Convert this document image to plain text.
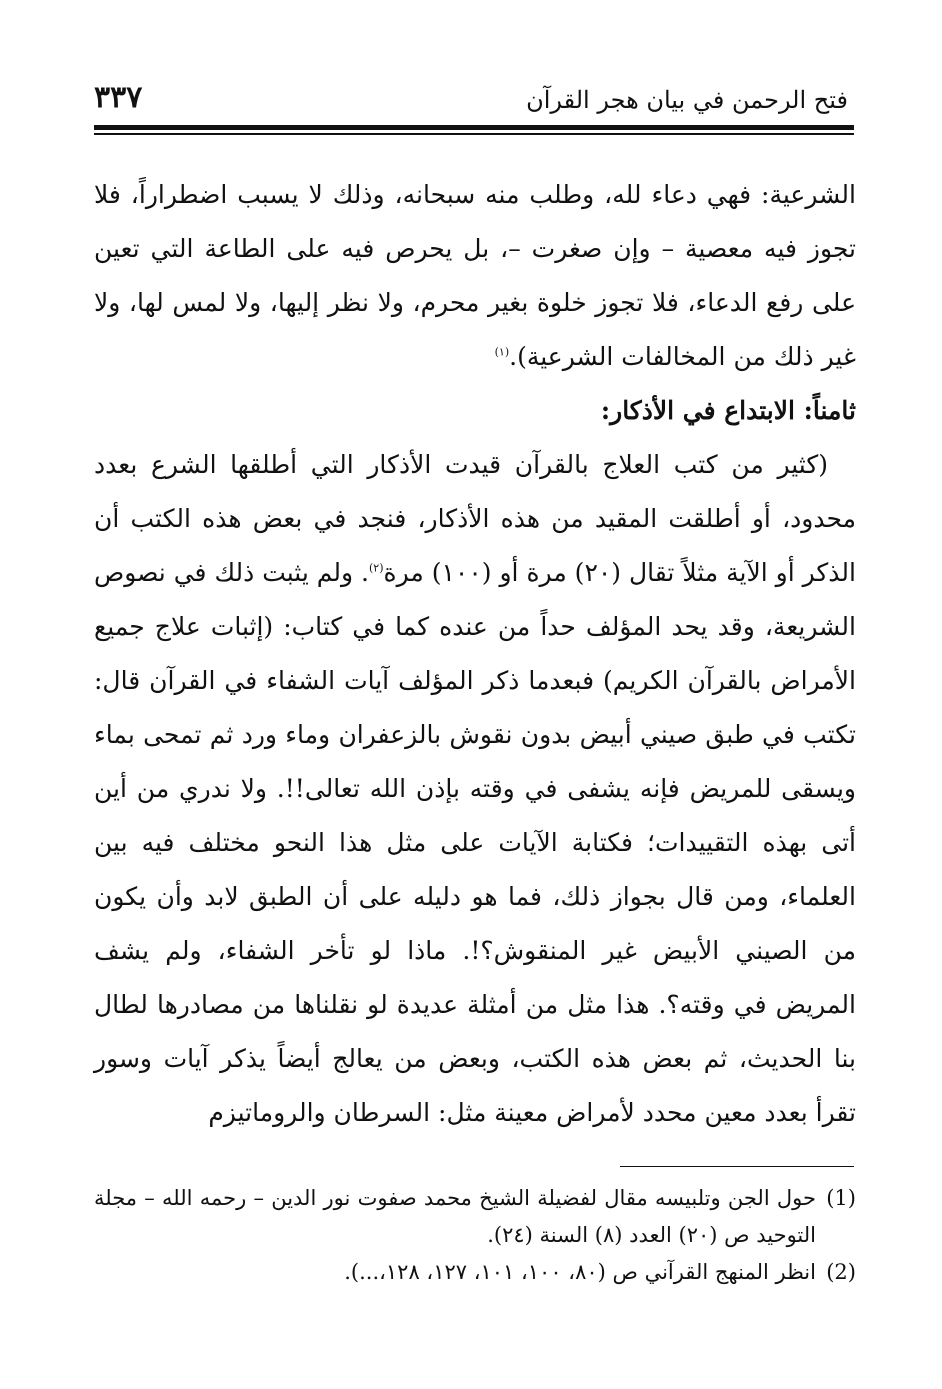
فتح الرحمن في بيان هجر القرآن
٣٣٧

الشرعية: فهي دعاء لله، وطلب منه سبحانه، وذلك لا يسبب اضطراراً، فلا تجوز فيه معصية – وإن صغرت –، بل يحرص فيه على الطاعة التي تعين على رفع الدعاء، فلا تجوز خلوة بغير محرم، ولا نظر إليها، ولا لمس لها، ولا غير ذلك من المخالفات الشرعية).$^{(١)}$

ثامناً: الابتداع في الأذكار:

(كثير من كتب العلاج بالقرآن قيدت الأذكار التي أطلقها الشرع بعدد محدود، أو أطلقت المقيد من هذه الأذكار، فنجد في بعض هذه الكتب أن الذكر أو الآية مثلاً تقال (٢٠) مرة أو (١٠٠) مرة$^{(٢)}$. ولم يثبت ذلك في نصوص الشريعة، وقد يحد المؤلف حداً من عنده كما في كتاب: (إثبات علاج جميع الأمراض بالقرآن الكريم) فبعدما ذكر المؤلف آيات الشفاء في القرآن قال: تكتب في طبق صيني أبيض بدون نقوش بالزعفران وماء ورد ثم تمحى بماء ويسقى للمريض فإنه يشفى في وقته بإذن الله تعالى!!. ولا ندري من أين أتى بهذه التقييدات؛ فكتابة الآيات على مثل هذا النحو مختلف فيه بين العلماء، ومن قال بجواز ذلك، فما هو دليله على أن الطبق لابد وأن يكون من الصيني الأبيض غير المنقوش؟!. ماذا لو تأخر الشفاء، ولم يشف المريض في وقته؟. هذا مثل من أمثلة عديدة لو نقلناها من مصادرها لطال بنا الحديث، ثم بعض هذه الكتب، وبعض من يعالج أيضاً يذكر آيات وسور تقرأ بعدد معين محدد لأمراض معينة مثل: السرطان والروماتيزم

(1)حول الجن وتلبيسه مقال لفضيلة الشيخ محمد صفوت نور الدين – رحمه الله – مجلة التوحيد ص (٢٠) العدد (٨) السنة (٢٤).

(2)انظر المنهج القرآني ص (٨٠، ١٠٠، ١٠١، ١٢٧، ١٢٨،...).
